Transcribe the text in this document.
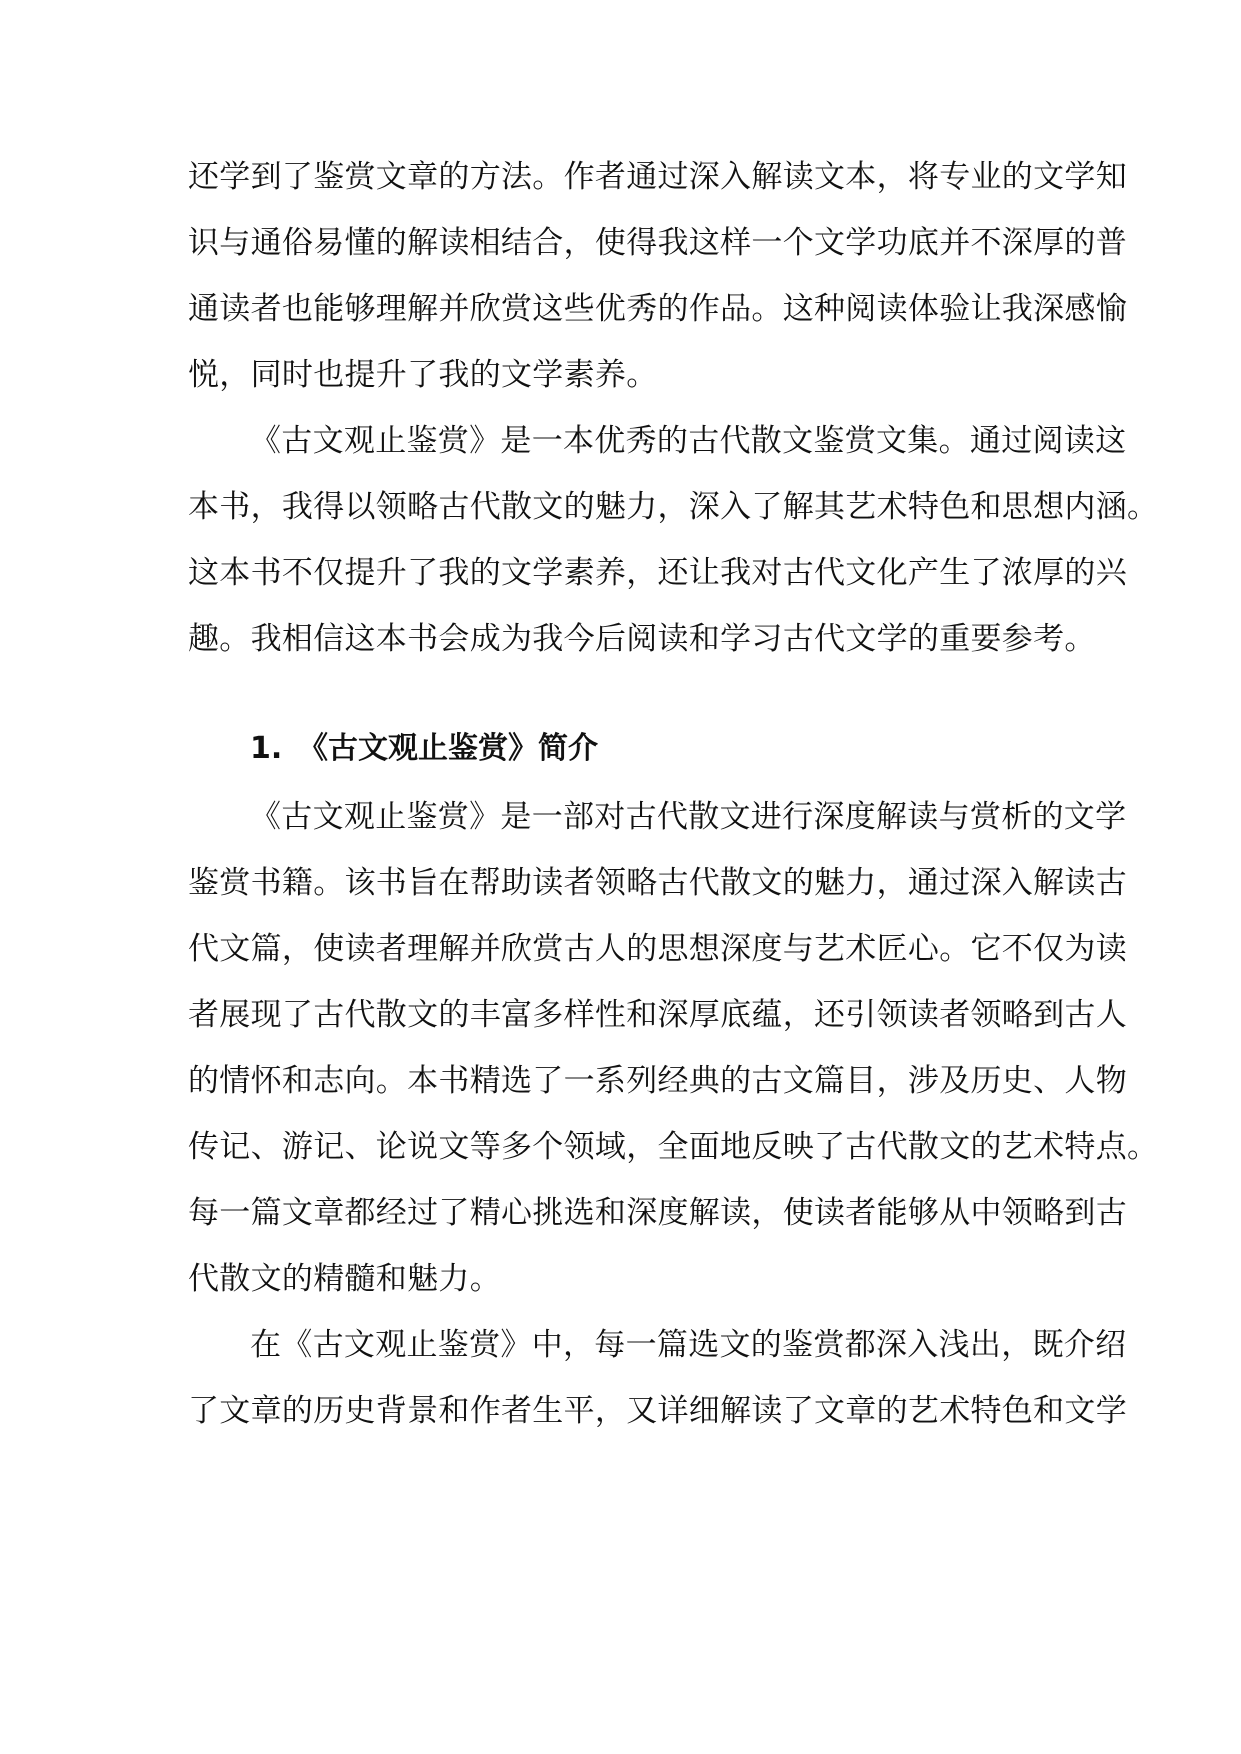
还学到了鉴赏文章的方法。作者通过深入解读文本，将专业的文学知
识与通俗易懂的解读相结合，使得我这样一个文学功底并不深厚的普
通读者也能够理解并欣赏这些优秀的作品。这种阅读体验让我深感愉
悦，同时也提升了我的文学素养。
《古文观止鉴赏》是一本优秀的古代散文鉴赏文集。通过阅读这
本书，我得以领略古代散文的魅力，深入了解其艺术特色和思想内涵。
这本书不仅提升了我的文学素养，还让我对古代文化产生了浓厚的兴
趣。我相信这本书会成为我今后阅读和学习古代文学的重要参考。
1. 《古文观止鉴赏》简介
《古文观止鉴赏》是一部对古代散文进行深度解读与赏析的文学
鉴赏书籍。该书旨在帮助读者领略古代散文的魅力，通过深入解读古
代文篇，使读者理解并欣赏古人的思想深度与艺术匠心。它不仅为读
者展现了古代散文的丰富多样性和深厚底蕴，还引领读者领略到古人
的情怀和志向。本书精选了一系列经典的古文篇目，涉及历史、人物
传记、游记、论说文等多个领域，全面地反映了古代散文的艺术特点。
每一篇文章都经过了精心挑选和深度解读，使读者能够从中领略到古
代散文的精髓和魅力。
在《古文观止鉴赏》中，每一篇选文的鉴赏都深入浅出，既介绍
了文章的历史背景和作者生平，又详细解读了文章的艺术特色和文学
